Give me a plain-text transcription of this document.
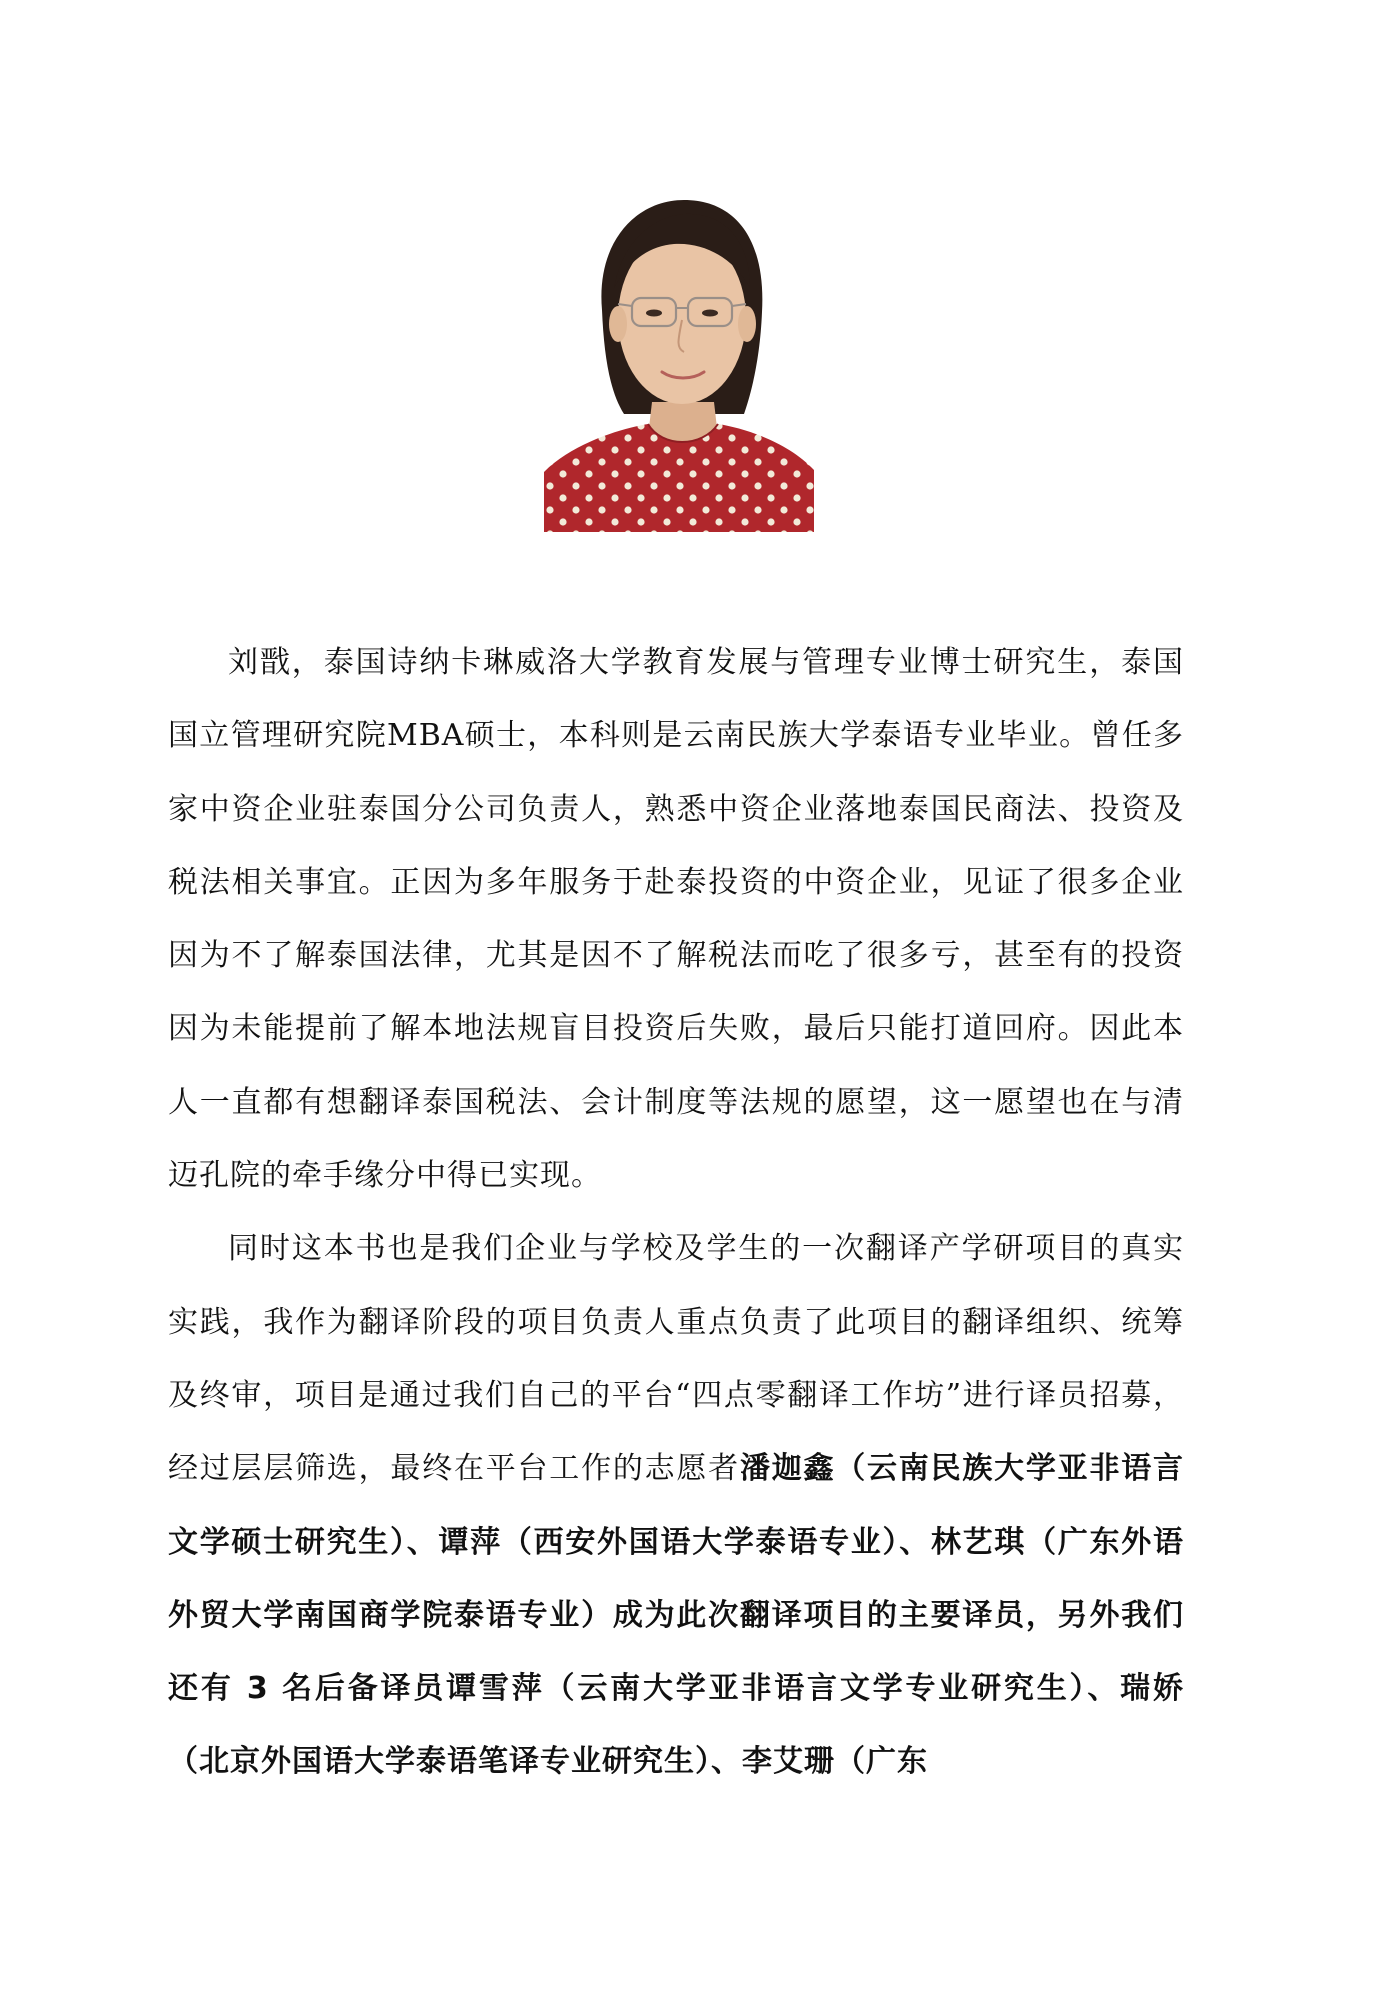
刘戬，泰国诗纳卡琳威洛大学教育发展与管理专业博士研究生，泰国国立管理研究院MBA硕士，本科则是云南民族大学泰语专业毕业。曾任多家中资企业驻泰国分公司负责人，熟悉中资企业落地泰国民商法、投资及税法相关事宜。正因为多年服务于赴泰投资的中资企业，见证了很多企业因为不了解泰国法律，尤其是因不了解税法而吃了很多亏，甚至有的投资因为未能提前了解本地法规盲目投资后失败，最后只能打道回府。因此本人一直都有想翻译泰国税法、会计制度等法规的愿望，这一愿望也在与清迈孔院的牵手缘分中得已实现。

同时这本书也是我们企业与学校及学生的一次翻译产学研项目的真实实践，我作为翻译阶段的项目负责人重点负责了此项目的翻译组织、统筹及终审，项目是通过我们自己的平台“四点零翻译工作坊”进行译员招募，经过层层筛选，最终在平台工作的志愿者潘迦鑫（云南民族大学亚非语言文学硕士研究生）、谭萍（西安外国语大学泰语专业）、林艺琪（广东外语外贸大学南国商学院泰语专业）成为此次翻译项目的主要译员，另外我们还有 3 名后备译员谭雪萍（云南大学亚非语言文学专业研究生）、瑞娇（北京外国语大学泰语笔译专业研究生）、李艾珊（广东
